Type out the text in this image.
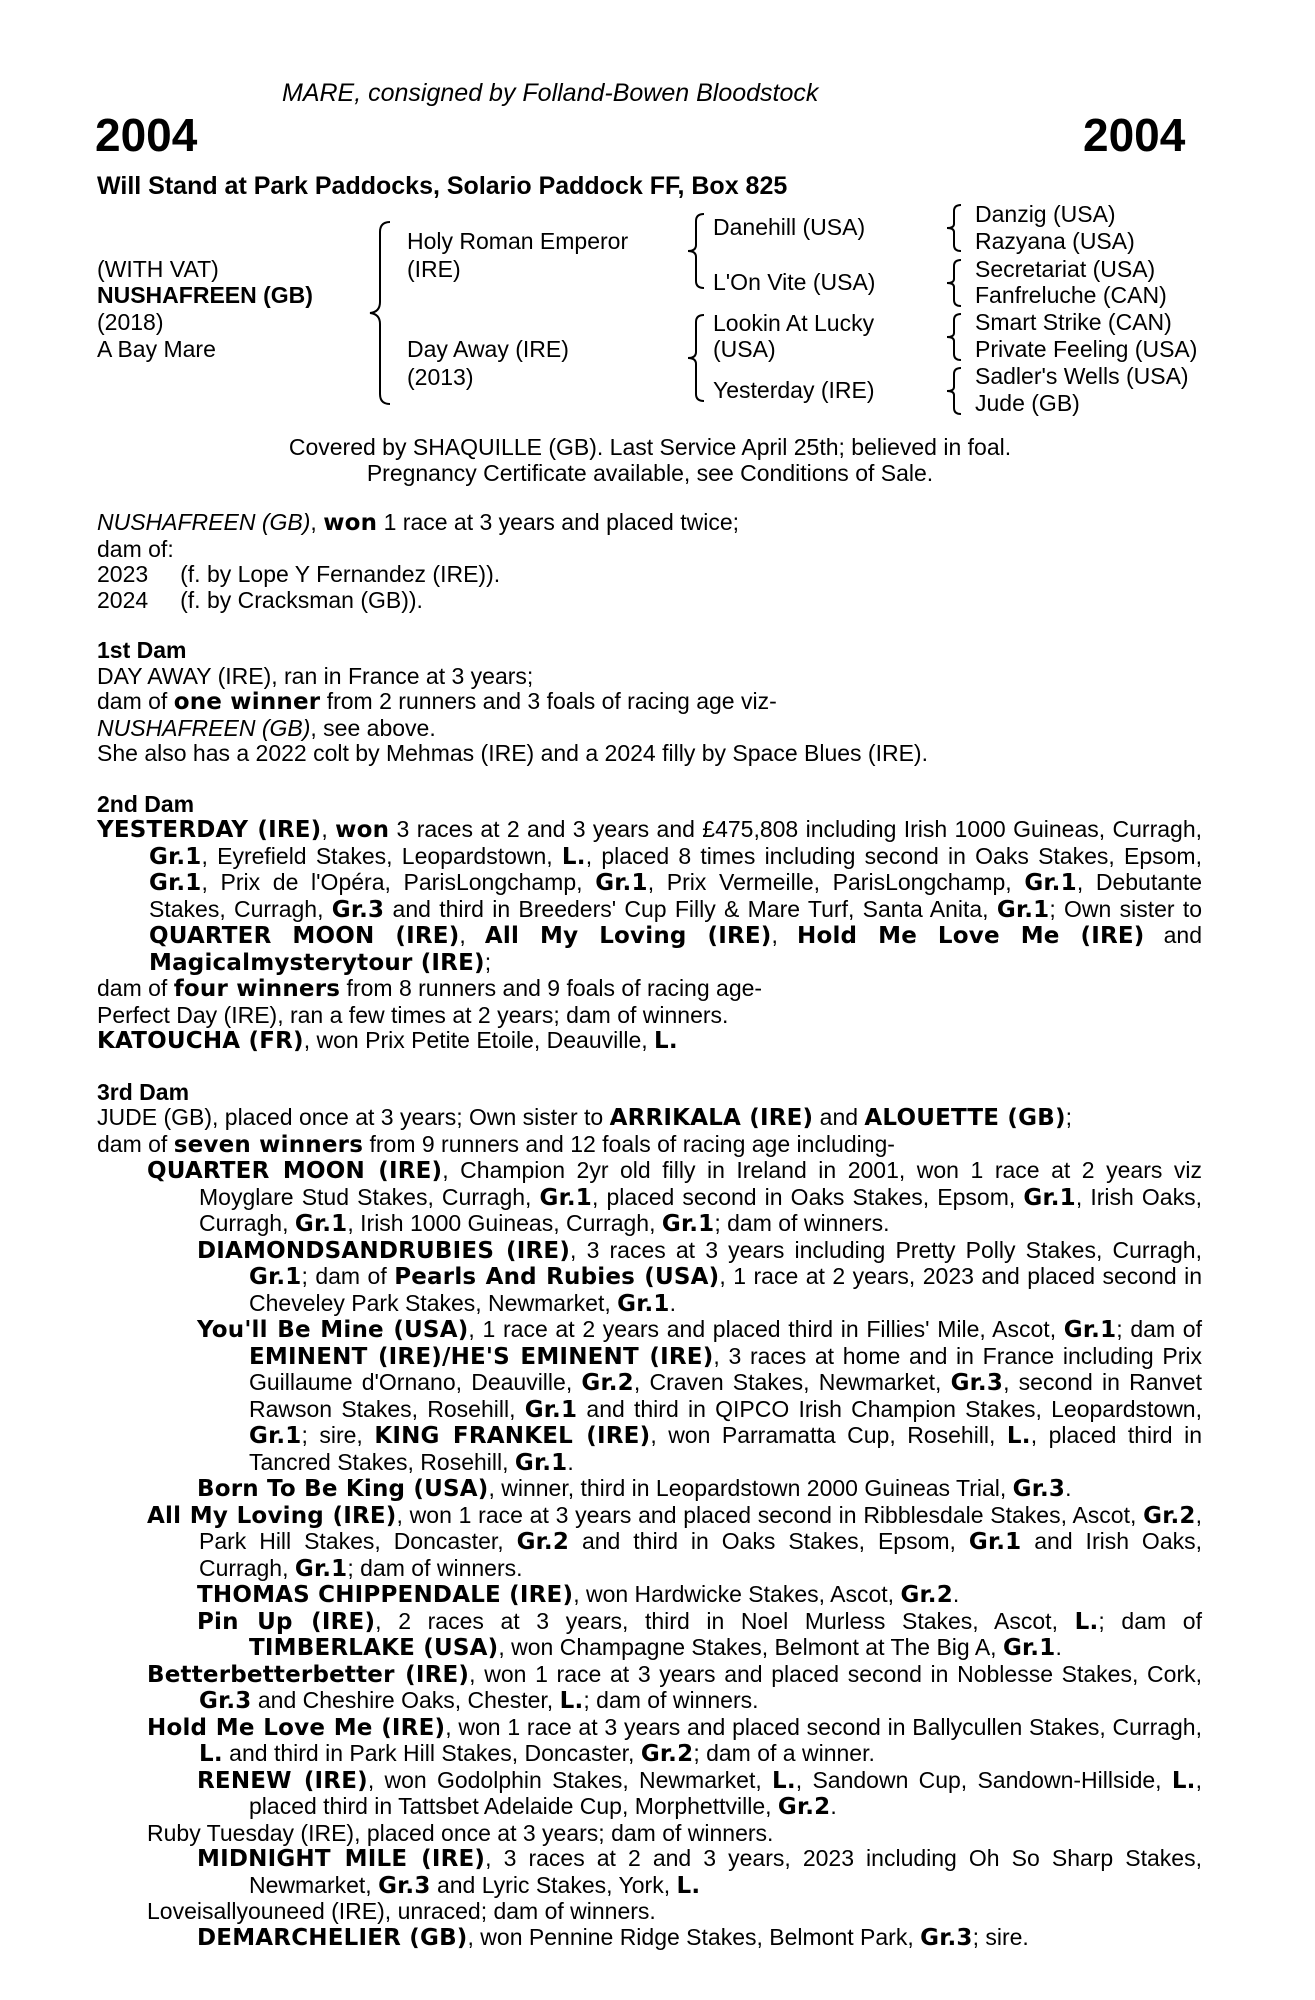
MARE, consigned by Folland-Bowen Bloodstock
2004	2004
Will Stand at Park Paddocks, Solario Paddock FF, Box 825
(WITH VAT)
NUSHAFREEN (GB)
(2018)
A Bay Mare
Holy Roman Emperor
(IRE)
Day Away (IRE)
(2013)
Danehill (USA)
L'On Vite (USA)
Lookin At Lucky
(USA)
Yesterday (IRE)
Danzig (USA)
Razyana (USA)
Secretariat (USA)
Fanfreluche (CAN)
Smart Strike (CAN)
Private Feeling (USA)
Sadler's Wells (USA)
Jude (GB)
Covered by SHAQUILLE (GB). Last Service April 25th; believed in foal.
Pregnancy Certificate available, see Conditions of Sale.

NUSHAFREEN (GB), won 1 race at 3 years and placed twice;

dam of:

2023     (f. by Lope Y Fernandez (IRE)).

2024     (f. by Cracksman (GB)).

1st Dam

DAY AWAY (IRE), ran in France at 3 years;

dam of one winner from 2 runners and 3 foals of racing age viz-

NUSHAFREEN (GB), see above.

She also has a 2022 colt by Mehmas (IRE) and a 2024 filly by Space Blues (IRE).

2nd Dam

YESTERDAY (IRE), won 3 races at 2 and 3 years and £475,808 including Irish 1000 Guineas, Curragh, Gr.1, Eyrefield Stakes, Leopardstown, L., placed 8 times including second in Oaks Stakes, Epsom, Gr.1, Prix de l'Opéra, ParisLongchamp, Gr.1, Prix Vermeille, ParisLongchamp, Gr.1, Debutante Stakes, Curragh, Gr.3 and third in Breeders' Cup Filly & Mare Turf, Santa Anita, Gr.1; Own sister to QUARTER MOON (IRE), All My Loving (IRE), Hold Me Love Me (IRE) and Magicalmysterytour (IRE);

dam of four winners from 8 runners and 9 foals of racing age-

Perfect Day (IRE), ran a few times at 2 years; dam of winners.

KATOUCHA (FR), won Prix Petite Etoile, Deauville, L.

3rd Dam

JUDE (GB), placed once at 3 years; Own sister to ARRIKALA (IRE) and ALOUETTE (GB);

dam of seven winners from 9 runners and 12 foals of racing age including-

QUARTER MOON (IRE), Champion 2yr old filly in Ireland in 2001, won 1 race at 2 years viz Moyglare Stud Stakes, Curragh, Gr.1, placed second in Oaks Stakes, Epsom, Gr.1, Irish Oaks, Curragh, Gr.1, Irish 1000 Guineas, Curragh, Gr.1; dam of winners.

DIAMONDSANDRUBIES (IRE), 3 races at 3 years including Pretty Polly Stakes, Curragh, Gr.1; dam of Pearls And Rubies (USA), 1 race at 2 years, 2023 and placed second in Cheveley Park Stakes, Newmarket, Gr.1.

You'll Be Mine (USA), 1 race at 2 years and placed third in Fillies' Mile, Ascot, Gr.1; dam of EMINENT (IRE)/HE'S EMINENT (IRE), 3 races at home and in France including Prix Guillaume d'Ornano, Deauville, Gr.2, Craven Stakes, Newmarket, Gr.3, second in Ranvet Rawson Stakes, Rosehill, Gr.1 and third in QIPCO Irish Champion Stakes, Leopardstown, Gr.1; sire, KING FRANKEL (IRE), won Parramatta Cup, Rosehill, L., placed third in Tancred Stakes, Rosehill, Gr.1.

Born To Be King (USA), winner, third in Leopardstown 2000 Guineas Trial, Gr.3.

All My Loving (IRE), won 1 race at 3 years and placed second in Ribblesdale Stakes, Ascot, Gr.2, Park Hill Stakes, Doncaster, Gr.2 and third in Oaks Stakes, Epsom, Gr.1 and Irish Oaks, Curragh, Gr.1; dam of winners.

THOMAS CHIPPENDALE (IRE), won Hardwicke Stakes, Ascot, Gr.2.

Pin Up (IRE), 2 races at 3 years, third in Noel Murless Stakes, Ascot, L.; dam of TIMBERLAKE (USA), won Champagne Stakes, Belmont at The Big A, Gr.1.

Betterbetterbetter (IRE), won 1 race at 3 years and placed second in Noblesse Stakes, Cork, Gr.3 and Cheshire Oaks, Chester, L.; dam of winners.

Hold Me Love Me (IRE), won 1 race at 3 years and placed second in Ballycullen Stakes, Curragh, L. and third in Park Hill Stakes, Doncaster, Gr.2; dam of a winner.

RENEW (IRE), won Godolphin Stakes, Newmarket, L., Sandown Cup, Sandown-Hillside, L., placed third in Tattsbet Adelaide Cup, Morphettville, Gr.2.

Ruby Tuesday (IRE), placed once at 3 years; dam of winners.

MIDNIGHT MILE (IRE), 3 races at 2 and 3 years, 2023 including Oh So Sharp Stakes, Newmarket, Gr.3 and Lyric Stakes, York, L.

Loveisallyouneed (IRE), unraced; dam of winners.

DEMARCHELIER (GB), won Pennine Ridge Stakes, Belmont Park, Gr.3; sire.
